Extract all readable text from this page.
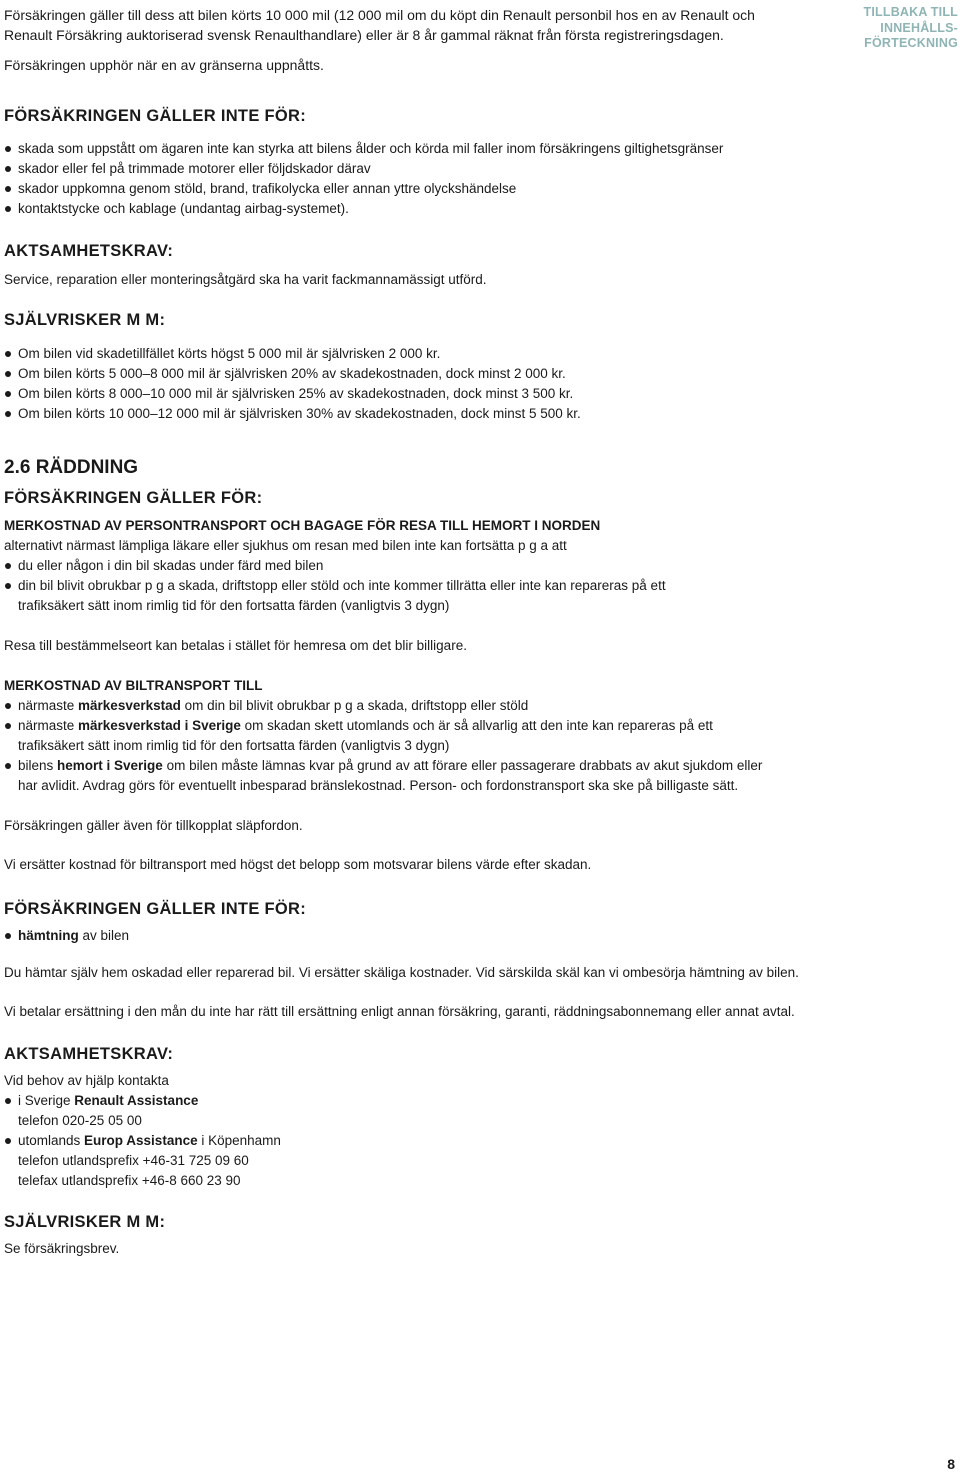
Försäkringen gäller till dess att bilen körts 10 000 mil (12 000 mil om du köpt din Renault personbil hos en av Renault och Renault Försäkring auktoriserad svensk Renaulthandlare) eller är 8 år gammal räknat från första registreringsdagen.

Försäkringen upphör när en av gränserna uppnåtts.

TILLBAKA TILL INNEHÅLLS-FÖRTECKNING
FÖRSÄKRINGEN GÄLLER INTE FÖR:
skada som uppstått om ägaren inte kan styrka att bilens ålder och körda mil faller inom försäkringens giltighetsgränser
skador eller fel på trimmade motorer eller följdskador därav
skador uppkomna genom stöld, brand, trafikolycka eller annan yttre olyckshändelse
kontaktstycke och kablage (undantag airbag-systemet).
AKTSAMHETSKRAV:

Service, reparation eller monteringsåtgärd ska ha varit fackmannamässigt utförd.

SJÄLVRISKER M M:
Om bilen vid skadetillfället körts högst 5 000 mil är självrisken 2 000 kr.
Om bilen körts 5 000–8 000 mil är självrisken 20% av skadekostnaden, dock minst 2 000 kr.
Om bilen körts 8 000–10 000 mil är självrisken 25% av skadekostnaden, dock minst 3 500 kr.
Om bilen körts 10 000–12 000 mil är självrisken 30% av skadekostnaden, dock minst 5 500 kr.
2.6 RÄDDNING
FÖRSÄKRINGEN GÄLLER FÖR:
MERKOSTNAD AV PERSONTRANSPORT OCH BAGAGE FÖR RESA TILL HEMORT I NORDEN

alternativt närmast lämpliga läkare eller sjukhus om resan med bilen inte kan fortsätta p g a att

du eller någon i din bil skadas under färd med bilen
din bil blivit obrukbar p g a skada, driftstopp eller stöld och inte kommer tillrätta eller inte kan repareras på ett trafiksäkert sätt inom rimlig tid för den fortsatta färden (vanligtvis 3 dygn)

Resa till bestämmelseort kan betalas i stället för hemresa om det blir billigare.

MERKOSTNAD AV BILTRANSPORT TILL
närmaste märkesverkstad om din bil blivit obrukbar p g a skada, driftstopp eller stöld
närmaste märkesverkstad i Sverige om skadan skett utomlands och är så allvarlig att den inte kan repareras på ett trafiksäkert sätt inom rimlig tid för den fortsatta färden (vanligtvis 3 dygn)
bilens hemort i Sverige om bilen måste lämnas kvar på grund av att förare eller passagerare drabbats av akut sjukdom eller har avlidit. Avdrag görs för eventuellt inbesparad bränslekostnad. Person- och fordonstransport ska ske på billigaste sätt.

Försäkringen gäller även för tillkopplat släpfordon.

Vi ersätter kostnad för biltransport med högst det belopp som motsvarar bilens värde efter skadan.

FÖRSÄKRINGEN GÄLLER INTE FÖR:
hämtning av bilen

Du hämtar själv hem oskadad eller reparerad bil. Vi ersätter skäliga kostnader. Vid särskilda skäl kan vi ombesörja hämtning av bilen.

Vi betalar ersättning i den mån du inte har rätt till ersättning enligt annan försäkring, garanti, räddningsabonnemang eller annat avtal.

AKTSAMHETSKRAV:

Vid behov av hjälp kontakta

i Sverige Renault Assistance
telefon 020-25 05 00
utomlands Europ Assistance i Köpenhamn
telefon utlandsprefix +46-31 725 09 60
telefax utlandsprefix +46-8 660 23 90
SJÄLVRISKER M M:

Se försäkringsbrev.

8
